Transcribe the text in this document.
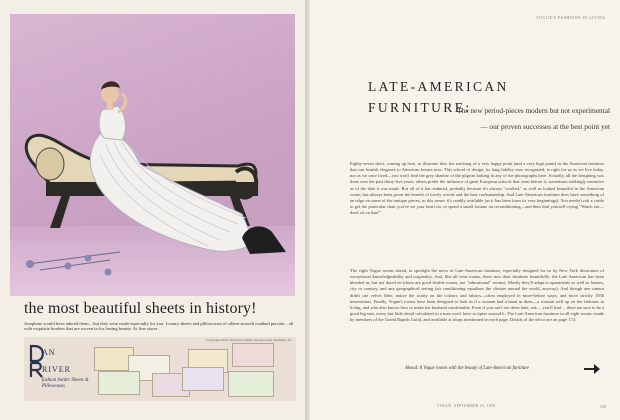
the most beautiful sheets in history!
Josephine would have adored them... but they were made especially for you. Luxury sheets and pillowcases of silken-smooth combed percale... all with exquisite borders that are woven in for lasting beauty. At fine stores
Copyright 1954, Dan River Mills, Incorporated, Danville, Va.
AN
RIVER
fashion border Sheets & Pillowcases
VOGUE'S FASHIONS IN LIVING
LATE-AMERICAN
FURNITURE:
The new period-pieces modern but not experimental— our proven successes at the best point yet

Eighty-seven short, coming up here, to illustrate this: the reaching of a very happy point (and a very high point) in the American furniture that can furnish elegance to American homes now. This school of design, its long fidelity now recognized, is right for us as we live today, not as we once lived—you won't find the grey shadow of the pilgrim lurking in any of the photographs here. Actually, all the designing was done over the past thirty-five years; others prefer the influence of great European schools that went before it, sometimes strikingly inventive as of the date it was made. But all of it has endured, probably because it's always "worked," as well as looked beautiful in the American scene; has always been given the benefit of lovely woods and the best craftsmanship. And Late-American furniture does have something of an edge on some of the antique pieces, in this sense: it's readily available (as it has been from its very beginnings). You needn't rob a castle to get the particular chair you've set your heart on, or spend a small fortune on reconditioning—and then find yourself crying "Watch out—don't sit on that!"

The eight Vogue rooms ahead, to spotlight the news of Late-American furniture, especially designed for us by New York decorators of exceptional knowledgeability and originality. And, like all wise rooms, these mix their furniture beautifully: the Late American has been blended in, but not doted on (those are good livable rooms, not "educational" rooms). Mostly they'll adapt to apartments as well as houses, city or country, and any geographical setting (air conditioning equalizes the climate around the world, anyway). And though one cannot didn't use velvet fiber, notice the acuity on the colours and fabrics—often employed in more-before ways, and more strictly 1956 innovations. Finally, Vogue's rooms have been designed to look as if a woman had a hand in them—a woman well up on her fashions in living, and who also knows how to make her husband comfortable. Even if you can't see these later, ask ... you'll find ... there are sure to be a good big size, every last little detail calculated so a man won't have to tiptoe around it. The Late-American furniture in all eight rooms: made by members of the Grand Rapids Guild, and available at shops mentioned on each page. Details of the décor are on page 174.

Ahead: 8 Vogue rooms with the beauty of Late-American furniture
VOGUE, SEPTEMBER 15, 1956	159
